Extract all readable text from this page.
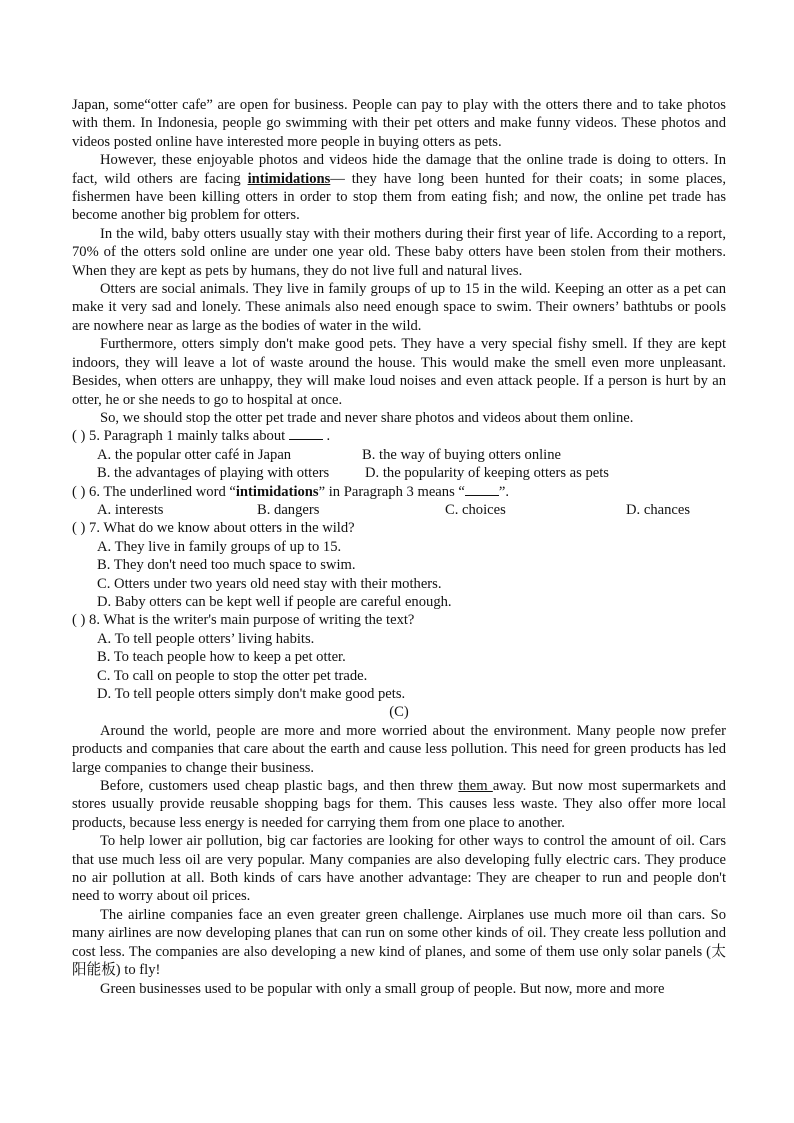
Japan, some“otter cafe” are open for business. People can pay to play with the otters there and to take photos with them. In Indonesia, people go swimming with their pet otters and make funny videos. These photos and videos posted online have interested more people in buying otters as pets.

However, these enjoyable photos and videos hide the damage that the online trade is doing to otters. In fact, wild others are facing intimidations— they have long been hunted for their coats; in some places, fishermen have been killing otters in order to stop them from eating fish; and now, the online pet trade has become another big problem for otters.

In the wild, baby otters usually stay with their mothers during their first year of life. According to a report, 70% of the otters sold online are under one year old. These baby otters have been stolen from their mothers. When they are kept as pets by humans, they do not live full and natural lives.

Otters are social animals. They live in family groups of up to 15 in the wild. Keeping an otter as a pet can make it very sad and lonely. These animals also need enough space to swim. Their owners’ bathtubs or pools are nowhere near as large as the bodies of water in the wild.

Furthermore, otters simply don't make good pets. They have a very special fishy smell. If they are kept indoors, they will leave a lot of waste around the house. This would make the smell even more unpleasant. Besides, when otters are unhappy, they will make loud noises and even attack people. If a person is hurt by an otter, he or she needs to go to hospital at once.

So, we should stop the otter pet trade and never share photos and videos about them online.

( ) 5. Paragraph 1 mainly talks about	.

A. the popular otter café in Japan	B. the way of buying otters online
B. the advantages of playing with otters	D. the popularity of keeping otters as pets

( ) 6. The underlined word “intimidations” in Paragraph 3 means “ ”.

A. interests	B. dangers	C. choices	D. chances

( ) 7. What do we know about otters in the wild?

A. They live in family groups of up to 15.

B. They don't need too much space to swim.

C. Otters under two years old need stay with their mothers.

D. Baby otters can be kept well if people are careful enough.

( ) 8. What is the writer's main purpose of writing the text?

A. To tell people otters’ living habits.

B. To teach people how to keep a pet otter.

C. To call on people to stop the otter pet trade.

D. To tell people otters simply don't make good pets.

(C)

Around the world, people are more and more worried about the environment. Many people now prefer products and companies that care about the earth and cause less pollution. This need for green products has led large companies to change their business.

Before, customers used cheap plastic bags, and then threw them away. But now most supermarkets and stores usually provide reusable shopping bags for them. This causes less waste. They also offer more local products, because less energy is needed for carrying them from one place to another.

To help lower air pollution, big car factories are looking for other ways to control the amount of oil. Cars that use much less oil are very popular. Many companies are also developing fully electric cars. They produce no air pollution at all. Both kinds of cars have another advantage: They are cheaper to run and people don't need to worry about oil prices.

The airline companies face an even greater green challenge. Airplanes use much more oil than cars. So many airlines are now developing planes that can run on some other kinds of oil. They create less pollution and cost less. The companies are also developing a new kind of planes, and some of them use only solar panels (太阳能板) to fly!

Green businesses used to be popular with only a small group of people. But now, more and more
